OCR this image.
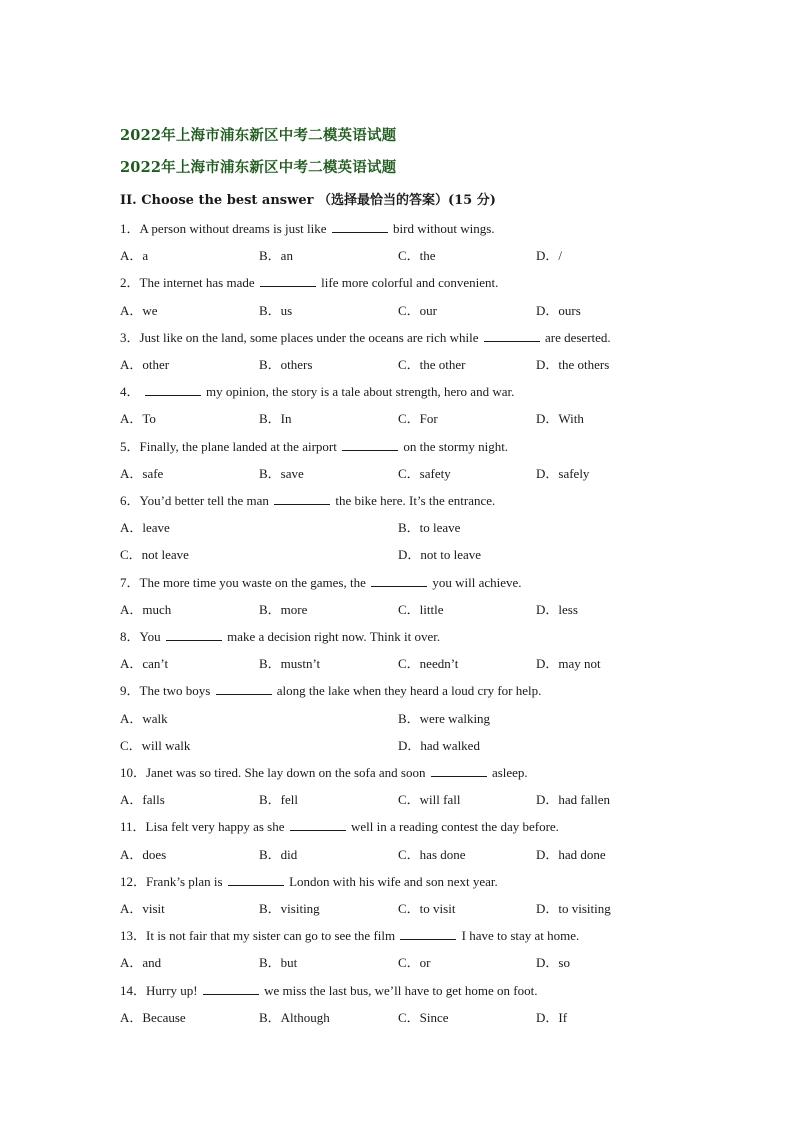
2022年上海市浦东新区中考二模英语试题
2022年上海市浦东新区中考二模英语试题
II. Choose the best answer （选择最恰当的答案）(15 分)
1．A person without dreams is just like	bird without wings.
A．a	B．an	C．the	D．/
2．The internet has made	life more colorful and convenient.
A．we	B．us	C．our	D．ours
3．Just like on the land, some places under the oceans are rich while	are deserted.
A．other	B．others	C．the other	D．the others
4．	my opinion, the story is a tale about strength, hero and war.
A．To	B．In	C．For	D．With
5．Finally, the plane landed at the airport	on the stormy night.
A．safe	B．save	C．safety	D．safely
6．You’d better tell the man	the bike here. It’s the entrance.
A．leave	B．to leave
C．not leave	D．not to leave
7．The more time you waste on the games, the	you will achieve.
A．much	B．more	C．little	D．less
8．You	make a decision right now. Think it over.
A．can’t	B．mustn’t	C．needn’t	D．may not
9．The two boys	along the lake when they heard a loud cry for help.
A．walk	B．were walking
C．will walk	D．had walked
10．Janet was so tired. She lay down on the sofa and soon	asleep.
A．falls	B．fell	C．will fall	D．had fallen
11．Lisa felt very happy as she	well in a reading contest the day before.
A．does	B．did	C．has done	D．had done
12．Frank’s plan is	London with his wife and son next year.
A．visit	B．visiting	C．to visit	D．to visiting
13．It is not fair that my sister can go to see the film	I have to stay at home.
A．and	B．but	C．or	D．so
14．Hurry up!	we miss the last bus, we’ll have to get home on foot.
A．Because	B．Although	C．Since	D．If
